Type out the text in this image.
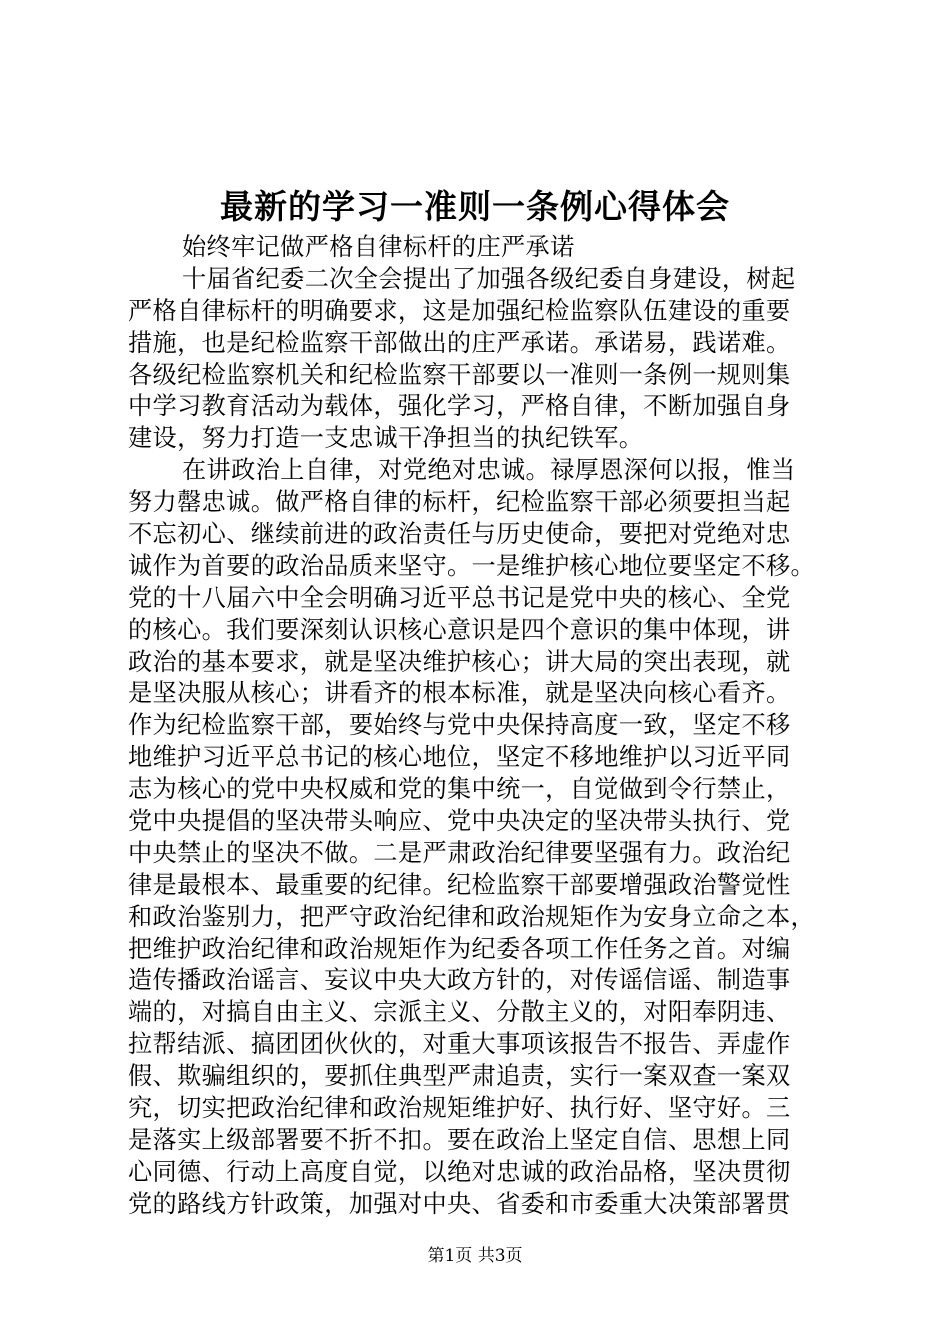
最新的学习一准则一条例心得体会
始终牢记做严格自律标杆的庄严承诺
十届省纪委二次全会提出了加强各级纪委自身建设，树起
严格自律标杆的明确要求，这是加强纪检监察队伍建设的重要
措施，也是纪检监察干部做出的庄严承诺。承诺易，践诺难。
各级纪检监察机关和纪检监察干部要以一准则一条例一规则集
中学习教育活动为载体，强化学习，严格自律，不断加强自身
建设，努力打造一支忠诚干净担当的执纪铁军。
在讲政治上自律，对党绝对忠诚。禄厚恩深何以报，惟当
努力罄忠诚。做严格自律的标杆，纪检监察干部必须要担当起
不忘初心、继续前进的政治责任与历史使命，要把对党绝对忠
诚作为首要的政治品质来坚守。一是维护核心地位要坚定不移。
党的十八届六中全会明确习近平总书记是党中央的核心、全党
的核心。我们要深刻认识核心意识是四个意识的集中体现，讲
政治的基本要求，就是坚决维护核心；讲大局的突出表现，就
是坚决服从核心；讲看齐的根本标准，就是坚决向核心看齐。
作为纪检监察干部，要始终与党中央保持高度一致，坚定不移
地维护习近平总书记的核心地位，坚定不移地维护以习近平同
志为核心的党中央权威和党的集中统一，自觉做到令行禁止，
党中央提倡的坚决带头响应、党中央决定的坚决带头执行、党
中央禁止的坚决不做。二是严肃政治纪律要坚强有力。政治纪
律是最根本、最重要的纪律。纪检监察干部要增强政治警觉性
和政治鉴别力，把严守政治纪律和政治规矩作为安身立命之本，
把维护政治纪律和政治规矩作为纪委各项工作任务之首。对编
造传播政治谣言、妄议中央大政方针的，对传谣信谣、制造事
端的，对搞自由主义、宗派主义、分散主义的，对阳奉阴违、
拉帮结派、搞团团伙伙的，对重大事项该报告不报告、弄虚作
假、欺骗组织的，要抓住典型严肃追责，实行一案双查一案双
究，切实把政治纪律和政治规矩维护好、执行好、坚守好。三
是落实上级部署要不折不扣。要在政治上坚定自信、思想上同
心同德、行动上高度自觉，以绝对忠诚的政治品格，坚决贯彻
党的路线方针政策，加强对中央、省委和市委重大决策部署贯
第1页 共3页
